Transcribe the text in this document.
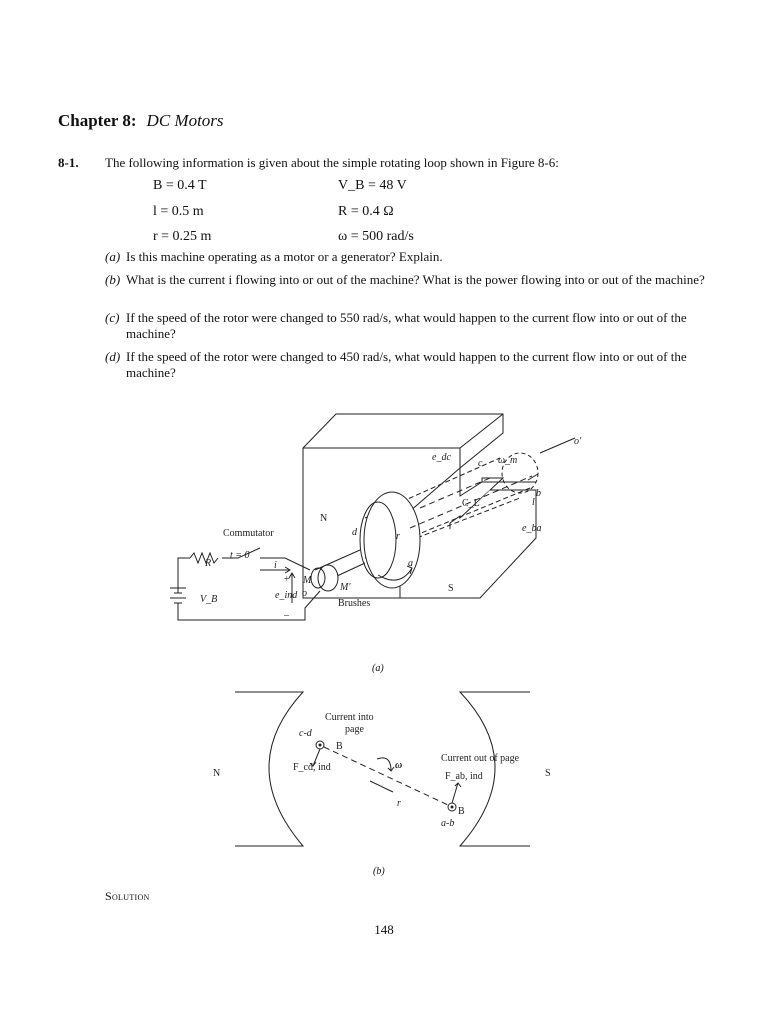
Chapter 8: DC Motors
8-1. The following information is given about the simple rotating loop shown in Figure 8-6:
B = 0.4 T	V_B = 48 V
l = 0.5 m	R = 0.4 Ω
r = 0.25 m	ω = 500 rad/s
(a) Is this machine operating as a motor or a generator? Explain.
(b) What is the current i flowing into or out of the machine? What is the power flowing into or out of the machine?
(c) If the speed of the rotor were changed to 550 rad/s, what would happen to the current flow into or out of the machine?
(d) If the speed of the rotor were changed to 450 rad/s, what would happen to the current flow into or out of the machine?
Commutator
t = 0
R	i
+
–
V_B	e_ind
M
M′
o
Brushes
N
S
e_dc
e_ba
ω_m
a
b
c
d	r
l
C_L
o′
(a)
Current into
page
c-d
B
F_cd, ind	ω
Current out of page
F_ab, ind
B
a-b
r
N	S
(b)
Solution
148
